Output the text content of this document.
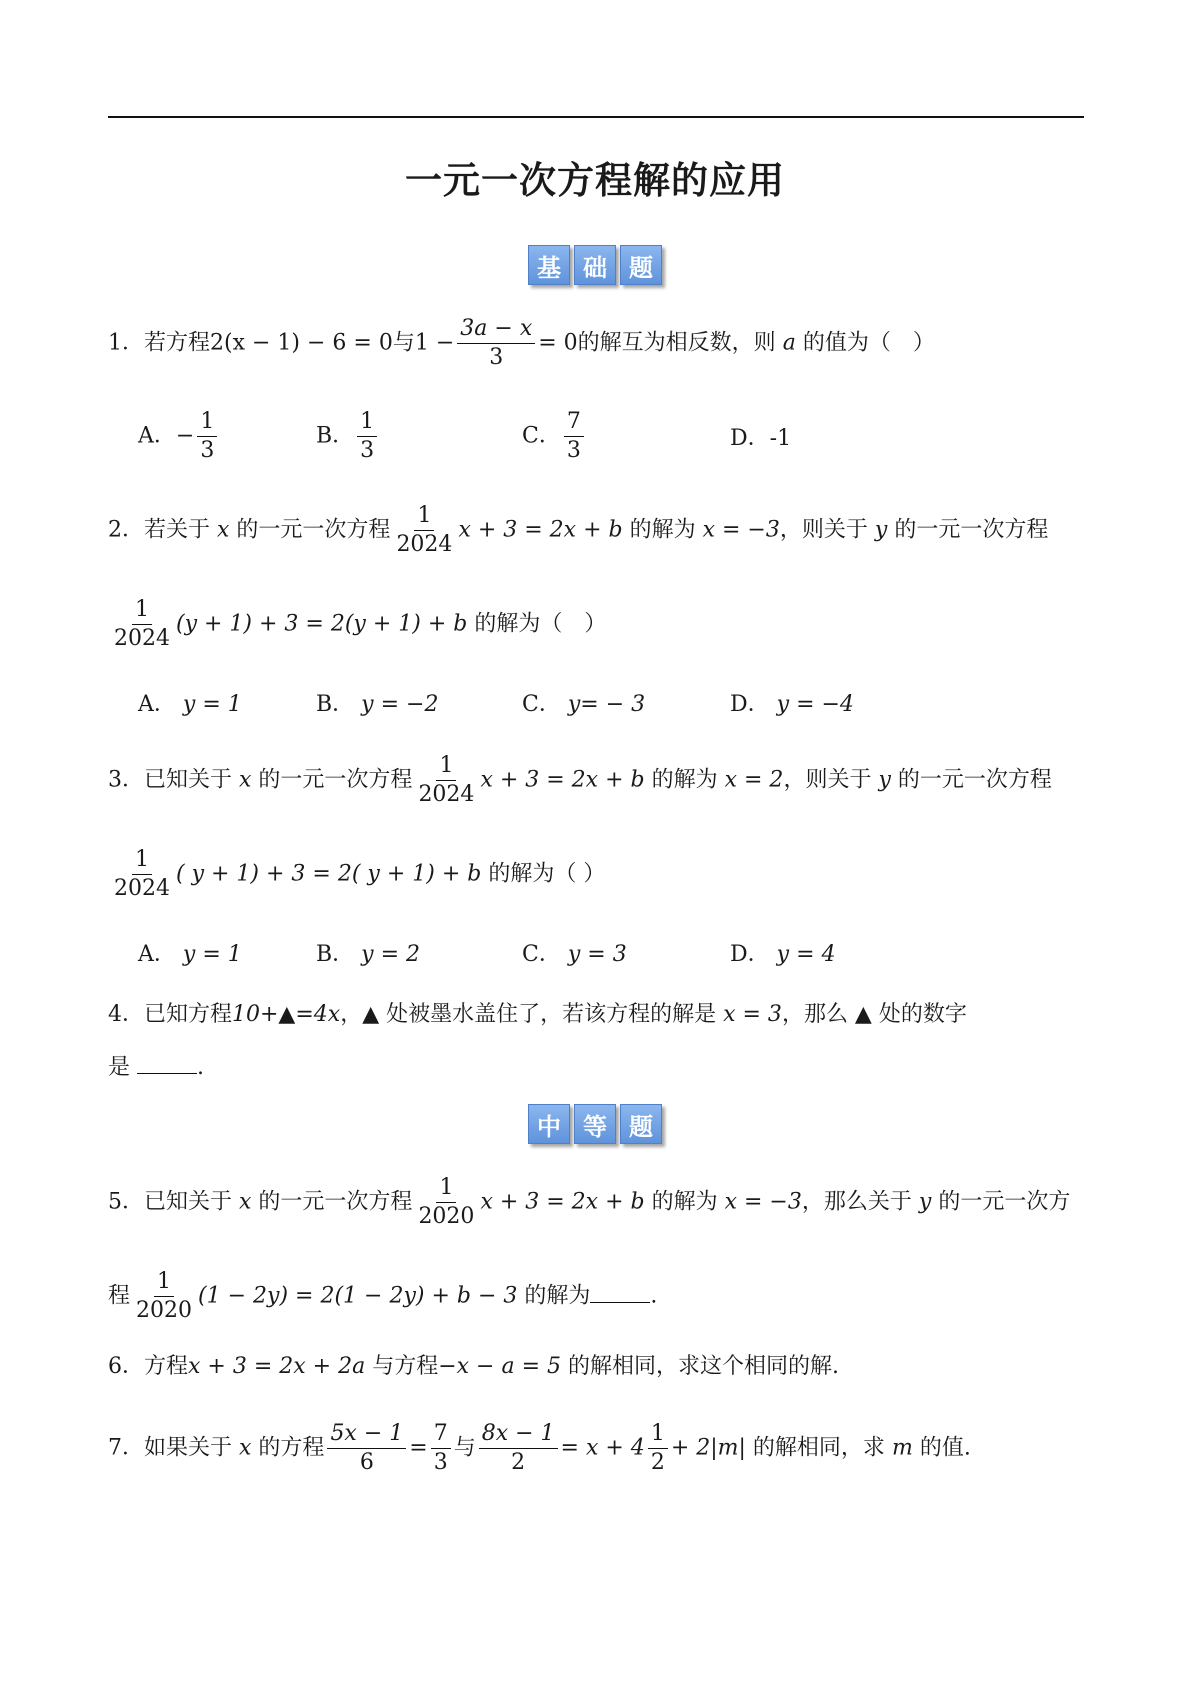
一元一次方程解的应用
基 础 题
1．若方程2(x − 1) − 6 = 0与$1 - \frac{3a - x}{3} = 0$的解互为相反数，则 a 的值为（　）
A．− $\frac{1}{3}$	B． $\frac{1}{3}$	C． $\frac{7}{3}$	D．-1
2．若关于 x 的一元一次方程 $\frac{1}{2024}$ x + 3 = 2x + b 的解为 x = −3，则关于 y 的一元一次方程
$\frac{1}{2024} (y + 1) + 3 = 2(y + 1) + b$ 的解为（　）
A． y = 1	B． y = −2	C． y= − 3	D． y = −4
3．已知关于 x 的一元一次方程 $\frac{1}{2024}$ x + 3 = 2x + b 的解为 x = 2，则关于 y 的一元一次方程
$\frac{1}{2024}$ ( y + 1) + 3 = 2( y + 1) + b 的解为（ ）
A． y = 1	B． y = 2	C． y = 3	D． y = 4
4．已知方程10+▲=4x，▲ 处被墨水盖住了，若该方程的解是 x = 3，那么 ▲ 处的数字
是	.
中 等 题
5．已知关于 x 的一元一次方程 $\frac{1}{2020}$ x + 3 = 2x + b 的解为 x = −3，那么关于 y 的一元一次方
程 $\frac{1}{2020} (1 - 2y) = 2(1 - 2y) + b - 3$ 的解为	.
6．方程x + 3 = 2x + 2a 与方程−x − a = 5 的解相同，求这个相同的解.
7．如果关于 x 的方程 $\frac{5x - 1}{6} = \frac{7}{3}$ 与 $\frac{8x - 1}{2} = x + 4 \frac{1}{2} + 2|m|$ 的解相同，求 m 的值.
